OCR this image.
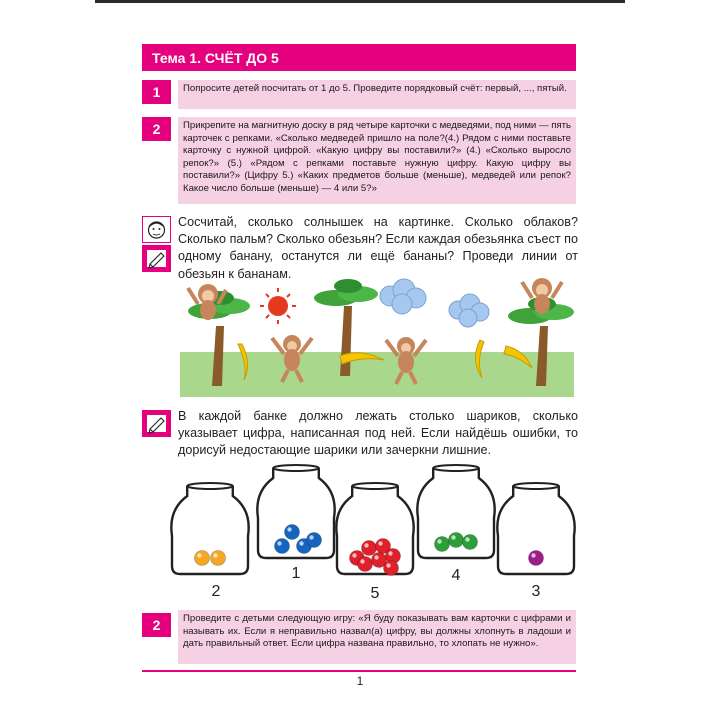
Тема 1. СЧЁТ ДО 5
1	Попросите детей посчитать от 1 до 5. Проведите порядковый счёт: первый, ..., пятый.
2	Прикрепите на магнитную доску в ряд четыре карточки с медведями, под ними — пять карточек с репками. «Сколько медведей пришло на поле?(4.) Рядом с ними поставьте карточку с нужной цифрой. «Какую цифру вы поставили?» (4.) «Сколько выросло репок?» (5.) «Рядом с репками поставьте нужную цифру. Какую цифру вы поставили?» (Цифру 5.) «Каких предметов больше (меньше), медведей или репок? Какое число больше (меньше) — 4 или 5?»
Сосчитай, сколько солнышек на картинке. Сколько облаков? Сколько пальм? Сколько обезьян? Если каждая обезьянка съест по одному банану, останутся ли ещё бананы? Проведи линии от обезьян к бананам.
В каждой банке должно лежать столько шариков, сколько указывает цифра, написанная под ней. Если найдёшь ошибки, то дорисуй недостающие шарики или зачеркни лишние.
2
1
5
4
3
2	Проведите с детьми следующую игру: «Я буду показывать вам карточки с цифрами и называть их. Если я неправильно назвал(а) цифру, вы должны хлопнуть в ладоши и дать правильный ответ. Если цифра названа правильно, то хлопать не нужно».
1
